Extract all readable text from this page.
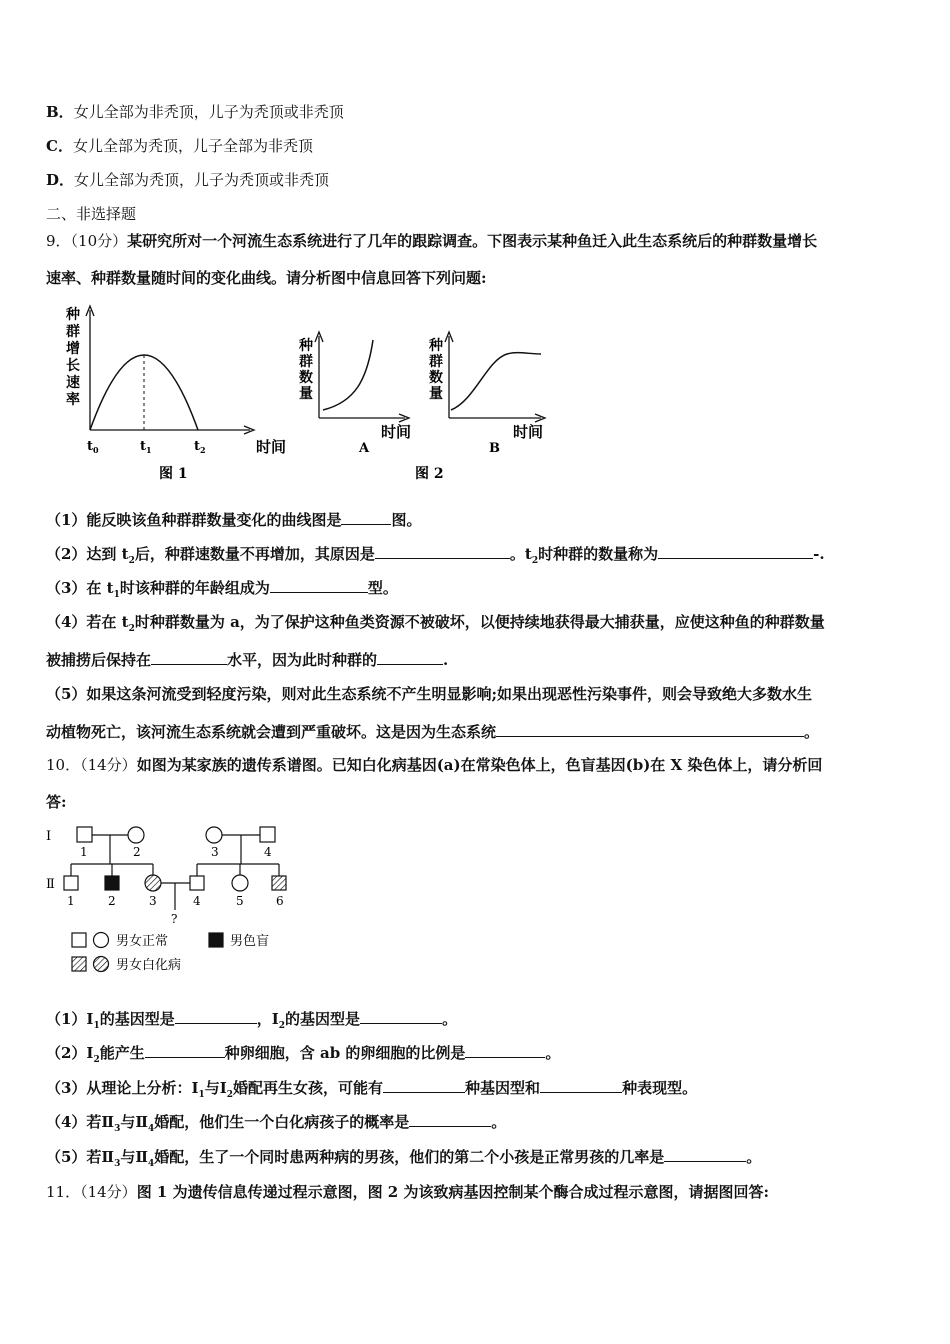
B．女儿全部为非秃顶，儿子为秃顶或非秃顶
C．女儿全部为秃顶，儿子全部为非秃顶
D．女儿全部为秃顶，儿子为秃顶或非秃顶
二、非选择题
9．（10分）某研究所对一个河流生态系统进行了几年的跟踪调查。下图表示某种鱼迁入此生态系统后的种群数量增长
速率、种群数量随时间的变化曲线。请分析图中信息回答下列问题:
种
群
增
长
速
率
$t_0$	$t_1$	$t_2$	时间
图 1
种
群
数
量
时间
A
种
群
数
量
时间
B
图 2
（1）能反映该鱼种群群数量变化的曲线图是	图。
（2）达到 $t_2$后，种群速数量不再增加，其原因是	。$t_2$时种群的数量称为	-.
（3）在 $t_1$时该种群的年龄组成为	型。
（4）若在 $t_2$时种群数量为 a，为了保护这种鱼类资源不被破坏，以便持续地获得最大捕获量，应使这种鱼的种群数量
被捕捞后保持在	水平，因为此时种群的	.
（5）如果这条河流受到轻度污染，则对此生态系统不产生明显影响;如果出现恶性污染事件，则会导致绝大多数水生
动植物死亡，该河流生态系统就会遭到严重破坏。这是因为生态系统	。
10．（14分）如图为某家族的遗传系谱图。已知白化病基因(a)在常染色体上，色盲基因(b)在 X 染色体上，请分析回
答:
Ⅰ
Ⅱ
1	2	3	4
1	2	3	4	5	6
?
男女正常	男色盲
男女白化病
$(1)Ⅰ_1$的基因型是	，$Ⅰ_2$的基因型是	。
$(2)Ⅰ_2$能产生	种卵细胞，含 ab 的卵细胞的比例是	。
（3）从理论上分析：$Ⅰ_1$与$Ⅰ_2$婚配再生女孩，可能有	种基因型和	种表现型。
（4）若$Ⅱ_3$与$Ⅱ_4$婚配，他们生一个白化病孩子的概率是	。
（5）若$Ⅱ_3$与$Ⅱ_4$婚配，生了一个同时患两种病的男孩，他们的第二个小孩是正常男孩的几率是	。
11．（14分）图 1 为遗传信息传递过程示意图，图 2 为该致病基因控制某个酶合成过程示意图，请据图回答:
